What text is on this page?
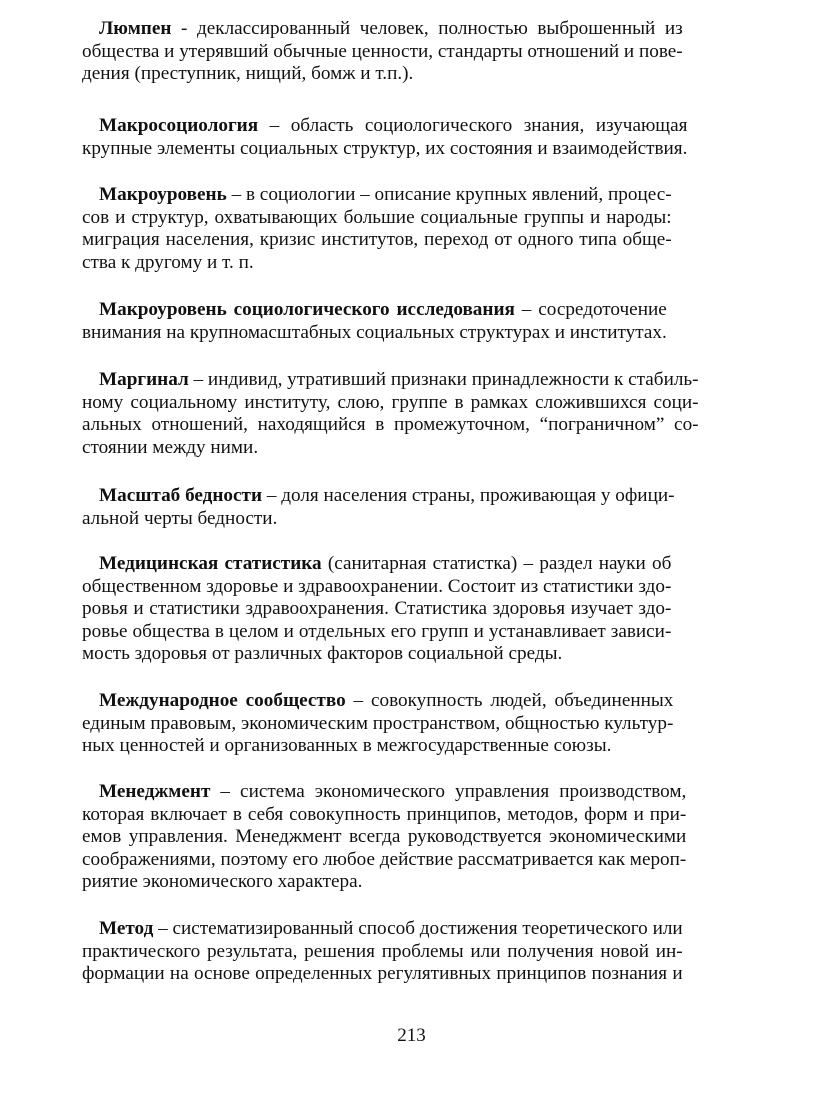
Люмпен - деклассированный человек, полностью выброшенный из
общества и утерявший обычные ценности, стандарты отношений и пове-
дения (преступник, нищий, бомж и т.п.).

Макросоциология – область социологического знания, изучающая
крупные элементы социальных структур, их состояния и взаимодействия.

Макроуровень – в социологии – описание крупных явлений, процес-
сов и структур, охватывающих большие социальные группы и народы:
миграция населения, кризис институтов, переход от одного типа обще-
ства к другому и т. п.

Макроуровень социологического исследования – сосредоточение
внимания на крупномасштабных социальных структурах и институтах.

Маргинал – индивид, утративший признаки принадлежности к стабиль-
ному социальному институту, слою, группе в рамках сложившихся соци-
альных отношений, находящийся в промежуточном, “пограничном” со-
стоянии между ними.

Масштаб бедности – доля населения страны, проживающая у офици-
альной черты бедности.

Медицинская статистика (санитарная статистка) – раздел науки об
общественном здоровье и здравоохранении. Состоит из статистики здо-
ровья и статистики здравоохранения. Статистика здоровья изучает здо-
ровье общества в целом и отдельных его групп и устанавливает зависи-
мость здоровья от различных факторов социальной среды.

Международное сообщество – совокупность людей, объединенных
единым правовым, экономическим пространством, общностью культур-
ных ценностей и организованных в межгосударственные союзы.

Менеджмент – система экономического управления производством,
которая включает в себя совокупность принципов, методов, форм и при-
емов управления. Менеджмент всегда руководствуется экономическими
соображениями, поэтому его любое действие рассматривается как мероп-
риятие экономического характера.

Метод – систематизированный способ достижения теоретического или
практического результата, решения проблемы или получения новой ин-
формации на основе определенных регулятивных принципов познания и

213
